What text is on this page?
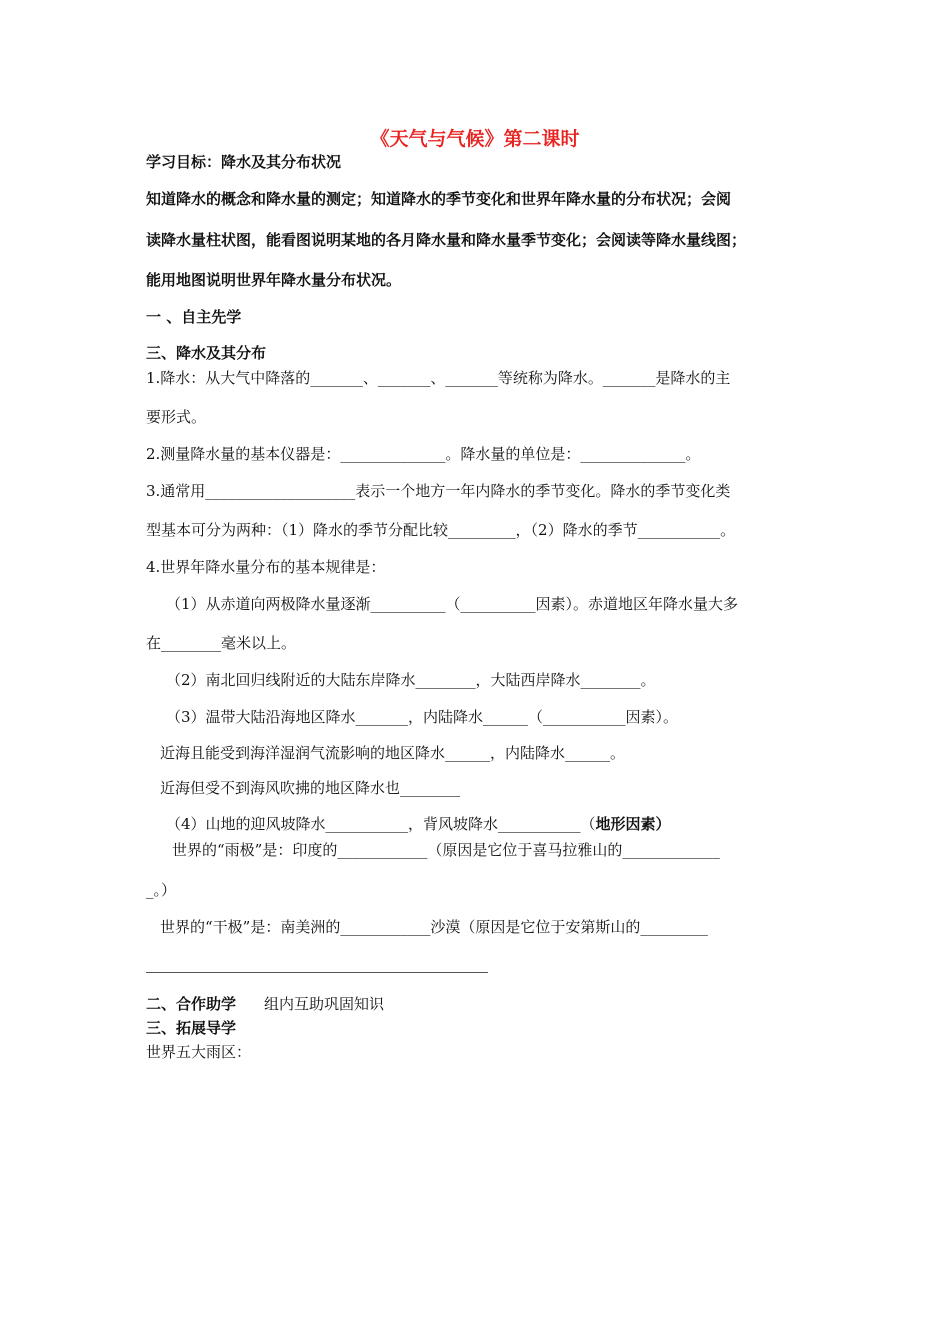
《天气与气候》第二课时
学习目标：降水及其分布状况
知道降水的概念和降水量的测定；知道降水的季节变化和世界年降水量的分布状况；会阅
读降水量柱状图，能看图说明某地的各月降水量和降水量季节变化；会阅读等降水量线图；
能用地图说明世界年降水量分布状况。
一 、自主先学
三、降水及其分布
1.降水：从大气中降落的_______、_______、_______等统称为降水。_______是降水的主
要形式。
2.测量降水量的基本仪器是：______________。降水量的单位是：______________。
3.通常用____________________表示一个地方一年内降水的季节变化。降水的季节变化类
型基本可分为两种：（1）降水的季节分配比较_________，（2）降水的季节___________。
4.世界年降水量分布的基本规律是：
（1）从赤道向两极降水量逐渐__________（__________因素）。赤道地区年降水量大多
在________毫米以上。
（2）南北回归线附近的大陆东岸降水________，大陆西岸降水________。
（3）温带大陆沿海地区降水_______，内陆降水______（___________因素）。
近海且能受到海洋湿润气流影响的地区降水______，内陆降水______。
近海但受不到海风吹拂的地区降水也________
（4）山地的迎风坡降水___________，背风坡降水___________（地形因素）
世界的“雨极”是：印度的____________（原因是它位于喜马拉雅山的_____________
_。）
世界的“干极”是：南美洲的____________沙漠（原因是它位于安第斯山的_________
二、合作助学 组内互助巩固知识
三、拓展导学
世界五大雨区：
